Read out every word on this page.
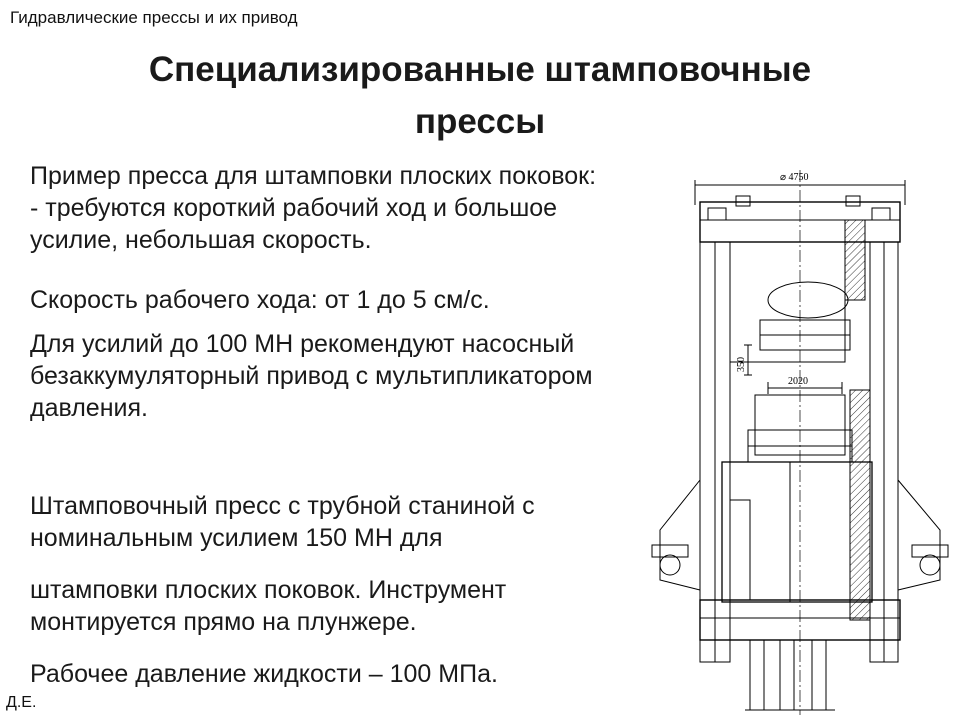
Гидравлические прессы и их привод
Специализированные штамповочные
прессы
Пример пресса для штамповки плоских поковок:
- требуются короткий рабочий ход и большое
усилие, небольшая скорость.
Скорость рабочего хода: от 1 до 5 см/с.
Для усилий до 100 МН рекомендуют насосный
безаккумуляторный привод с мультипликатором
давления.
Штамповочный пресс с трубной станиной с
номинальным усилием 150 МН для
штамповки плоских поковок. Инструмент
монтируется прямо на плунжере.
Рабочее давление жидкости – 100 МПа.
⌀ 4750
2020
350
Д.Е.
